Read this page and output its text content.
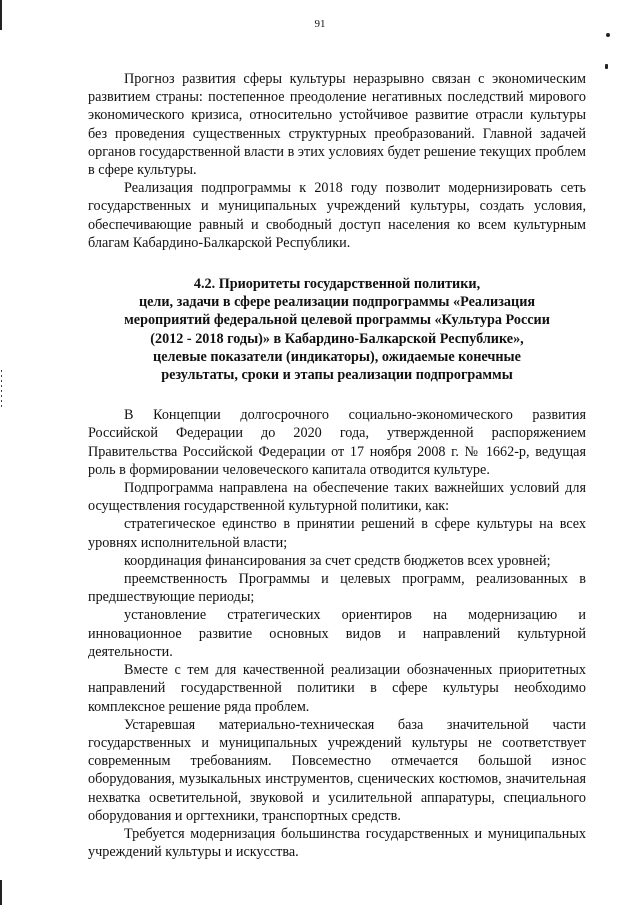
91

Прогноз развития сферы культуры неразрывно связан с экономическим развитием страны: постепенное преодоление негативных последствий мирового экономического кризиса, относительно устойчивое развитие отрасли культуры без проведения существенных структурных преобразований. Главной задачей органов государственной власти в этих условиях будет решение текущих проблем в сфере культуры.

Реализация подпрограммы к 2018 году позволит модернизировать сеть государственных и муниципальных учреждений культуры, создать условия, обеспечивающие равный и свободный доступ населения ко всем культурным благам Кабардино-Балкарской Республики.

4.2. Приоритеты государственной политики,
цели, задачи в сфере реализации подпрограммы «Реализация
мероприятий федеральной целевой программы «Культура России
(2012 - 2018 годы)» в Кабардино-Балкарской Республике»,
целевые показатели (индикаторы), ожидаемые конечные
результаты, сроки и этапы реализации подпрограммы

В Концепции долгосрочного социально-экономического развития Российской Федерации до 2020 года, утвержденной распоряжением Правительства Российской Федерации от 17 ноября 2008 г. № 1662-р, ведущая роль в формировании человеческого капитала отводится культуре.

Подпрограмма направлена на обеспечение таких важнейших условий для осуществления государственной культурной политики, как:

стратегическое единство в принятии решений в сфере культуры на всех уровнях исполнительной власти;

координация финансирования за счет средств бюджетов всех уровней;

преемственность Программы и целевых программ, реализованных в предшествующие периоды;

установление стратегических ориентиров на модернизацию и инновационное развитие основных видов и направлений культурной деятельности.

Вместе с тем для качественной реализации обозначенных приоритетных направлений государственной политики в сфере культуры необходимо комплексное решение ряда проблем.

Устаревшая материально-техническая база значительной части государственных и муниципальных учреждений культуры не соответствует современным требованиям. Повсеместно отмечается большой износ оборудования, музыкальных инструментов, сценических костюмов, значительная нехватка осветительной, звуковой и усилительной аппаратуры, специального оборудования и оргтехники, транспортных средств.

Требуется модернизация большинства государственных и муниципальных учреждений культуры и искусства.
